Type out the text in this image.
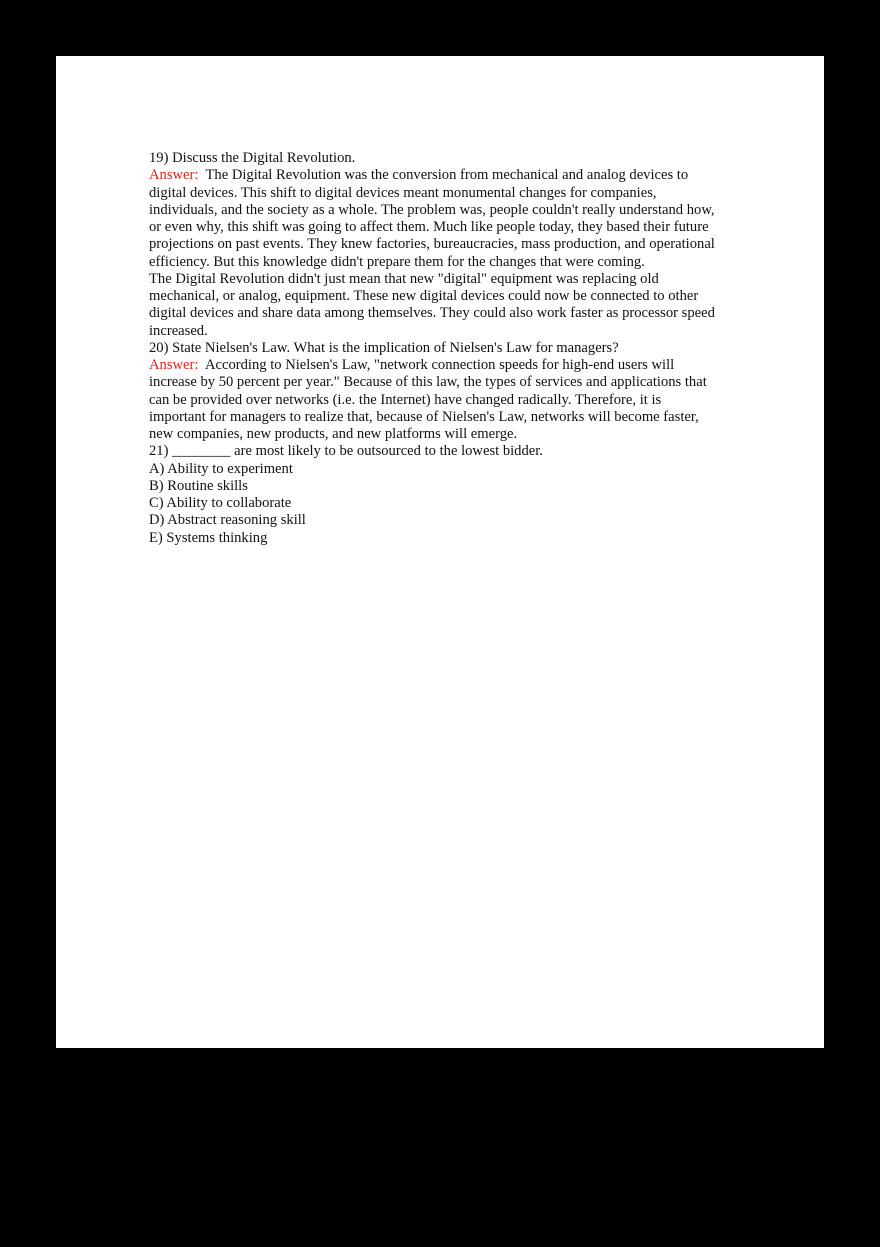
19) Discuss the Digital Revolution.
Answer:  The Digital Revolution was the conversion from mechanical and analog devices to
digital devices. This shift to digital devices meant monumental changes for companies,
individuals, and the society as a whole. The problem was, people couldn't really understand how,
or even why, this shift was going to affect them. Much like people today, they based their future
projections on past events. They knew factories, bureaucracies, mass production, and operational
efficiency. But this knowledge didn't prepare them for the changes that were coming.
The Digital Revolution didn't just mean that new "digital" equipment was replacing old
mechanical, or analog, equipment. These new digital devices could now be connected to other
digital devices and share data among themselves. They could also work faster as processor speed
increased.
20) State Nielsen's Law. What is the implication of Nielsen's Law for managers?
Answer:  According to Nielsen's Law, "network connection speeds for high-end users will
increase by 50 percent per year." Because of this law, the types of services and applications that
can be provided over networks (i.e. the Internet) have changed radically. Therefore, it is
important for managers to realize that, because of Nielsen's Law, networks will become faster,
new companies, new products, and new platforms will emerge.
21) ________ are most likely to be outsourced to the lowest bidder.
A) Ability to experiment
B) Routine skills
C) Ability to collaborate
D) Abstract reasoning skill
E) Systems thinking
